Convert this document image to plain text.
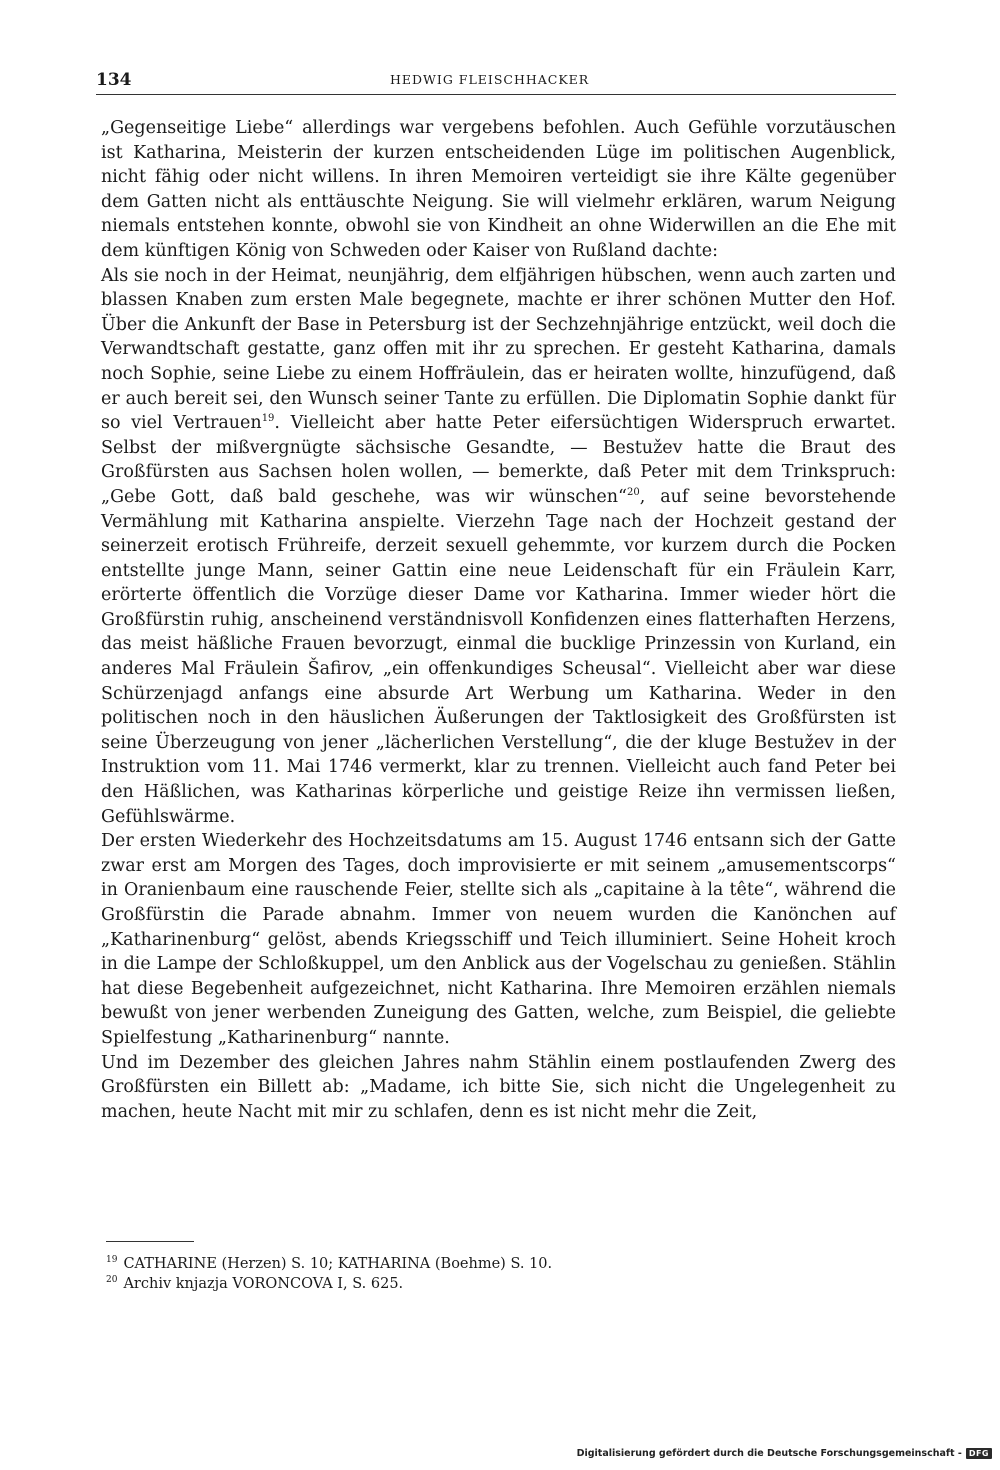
134	HEDWIG FLEISCHHACKER

„Gegenseitige Liebe“ allerdings war vergebens befohlen. Auch Gefühle vorzutäuschen ist Katharina, Meisterin der kurzen entscheidenden Lüge im politischen Augenblick, nicht fähig oder nicht willens. In ihren Memoiren verteidigt sie ihre Kälte gegenüber dem Gatten nicht als enttäuschte Neigung. Sie will vielmehr erklären, warum Neigung niemals entstehen konnte, obwohl sie von Kindheit an ohne Widerwillen an die Ehe mit dem künftigen König von Schweden oder Kaiser von Rußland dachte:

Als sie noch in der Heimat, neunjährig, dem elfjährigen hübschen, wenn auch zarten und blassen Knaben zum ersten Male begegnete, machte er ihrer schönen Mutter den Hof. Über die Ankunft der Base in Petersburg ist der Sechzehnjährige entzückt, weil doch die Verwandtschaft gestatte, ganz offen mit ihr zu sprechen. Er gesteht Katharina, damals noch Sophie, seine Liebe zu einem Hoffräulein, das er heiraten wollte, hinzufügend, daß er auch bereit sei, den Wunsch seiner Tante zu erfüllen. Die Diplomatin Sophie dankt für so viel Vertrauen$^{19}$. Vielleicht aber hatte Peter eifersüchtigen Widerspruch erwartet. Selbst der mißvergnügte sächsische Gesandte, — Bestužev hatte die Braut des Großfürsten aus Sachsen holen wollen, — bemerkte, daß Peter mit dem Trinkspruch: „Gebe Gott, daß bald geschehe, was wir wünschen“$^{20}$, auf seine bevorstehende Vermählung mit Katharina anspielte. Vierzehn Tage nach der Hochzeit gestand der seinerzeit erotisch Frühreife, derzeit sexuell gehemmte, vor kurzem durch die Pocken entstellte junge Mann, seiner Gattin eine neue Leidenschaft für ein Fräulein Karr, erörterte öffentlich die Vorzüge dieser Dame vor Katharina. Immer wieder hört die Großfürstin ruhig, anscheinend verständnisvoll Konfidenzen eines flatterhaften Herzens, das meist häßliche Frauen bevorzugt, einmal die bucklige Prinzessin von Kurland, ein anderes Mal Fräulein Šafirov, „ein offenkundiges Scheusal“. Vielleicht aber war diese Schürzenjagd anfangs eine absurde Art Werbung um Katharina. Weder in den politischen noch in den häuslichen Äußerungen der Taktlosigkeit des Großfürsten ist seine Überzeugung von jener „lächerlichen Verstellung“, die der kluge Bestužev in der Instruktion vom 11. Mai 1746 vermerkt, klar zu trennen. Vielleicht auch fand Peter bei den Häßlichen, was Katharinas körperliche und geistige Reize ihn vermissen ließen, Gefühlswärme.

Der ersten Wiederkehr des Hochzeitsdatums am 15. August 1746 entsann sich der Gatte zwar erst am Morgen des Tages, doch improvisierte er mit seinem „amusementscorps“ in Oranienbaum eine rauschende Feier, stellte sich als „capitaine à la tête“, während die Großfürstin die Parade abnahm. Immer von neuem wurden die Kanönchen auf „Katharinenburg“ gelöst, abends Kriegsschiff und Teich illuminiert. Seine Hoheit kroch in die Lampe der Schloßkuppel, um den Anblick aus der Vogelschau zu genießen. Stählin hat diese Begebenheit aufgezeichnet, nicht Katharina. Ihre Memoiren erzählen niemals bewußt von jener werbenden Zuneigung des Gatten, welche, zum Beispiel, die geliebte Spielfestung „Katharinenburg“ nannte.

Und im Dezember des gleichen Jahres nahm Stählin einem postlaufenden Zwerg des Großfürsten ein Billett ab: „Madame, ich bitte Sie, sich nicht die Ungelegenheit zu machen, heute Nacht mit mir zu schlafen, denn es ist nicht mehr die Zeit,

$^{19}$ CATHARINE (Herzen) S. 10; KATHARINA (Boehme) S. 10.

$^{20}$ Archiv knjazja VORONCOVA I, S. 625.

Digitalisierung gefördert durch die Deutsche Forschungsgemeinschaft - DFG
